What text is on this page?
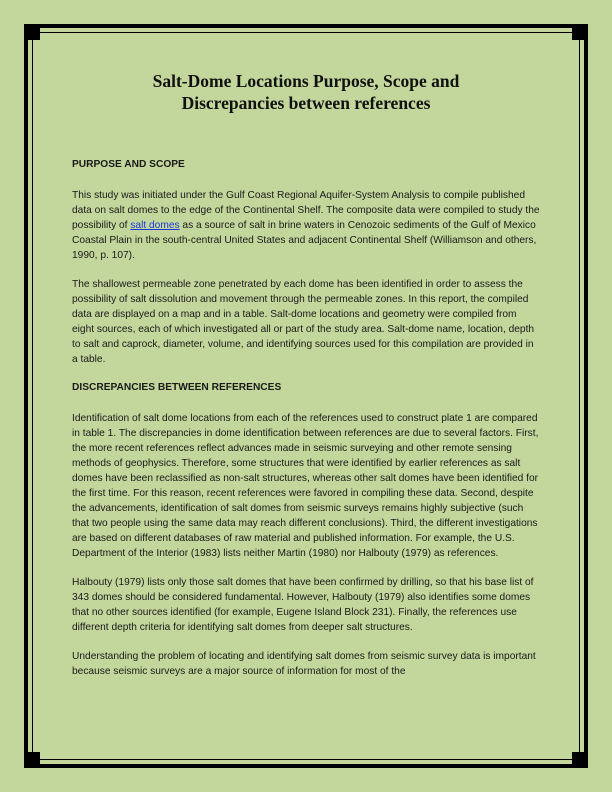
Salt-Dome Locations Purpose, Scope and
Discrepancies between references
PURPOSE AND SCOPE

This study was initiated under the Gulf Coast Regional Aquifer-System Analysis to compile published data on salt domes to the edge of the Continental Shelf. The composite data were compiled to study the possibility of salt domes as a source of salt in brine waters in Cenozoic sediments of the Gulf of Mexico Coastal Plain in the south-central United States and adjacent Continental Shelf (Williamson and others, 1990, p. 107).

The shallowest permeable zone penetrated by each dome has been identified in order to assess the possibility of salt dissolution and movement through the permeable zones. In this report, the compiled data are displayed on a map and in a table. Salt-dome locations and geometry were compiled from eight sources, each of which investigated all or part of the study area. Salt-dome name, location, depth to salt and caprock, diameter, volume, and identifying sources used for this compilation are provided in a table.

DISCREPANCIES BETWEEN REFERENCES

Identification of salt dome locations from each of the references used to construct plate 1 are compared in table 1. The discrepancies in dome identification between references are due to several factors. First, the more recent references reflect advances made in seismic surveying and other remote sensing methods of geophysics. Therefore, some structures that were identified by earlier references as salt domes have been reclassified as non-salt structures, whereas other salt domes have been identified for the first time. For this reason, recent references were favored in compiling these data. Second, despite the advancements, identification of salt domes from seismic surveys remains highly subjective (such that two people using the same data may reach different conclusions). Third, the different investigations are based on different databases of raw material and published information. For example, the U.S. Department of the Interior (1983) lists neither Martin (1980) nor Halbouty (1979) as references.

Halbouty (1979) lists only those salt domes that have been confirmed by drilling, so that his base list of 343 domes should be considered fundamental. However, Halbouty (1979) also identifies some domes that no other sources identified (for example, Eugene Island Block 231). Finally, the references use different depth criteria for identifying salt domes from deeper salt structures.

Understanding the problem of locating and identifying salt domes from seismic survey data is important because seismic surveys are a major source of information for most of the
